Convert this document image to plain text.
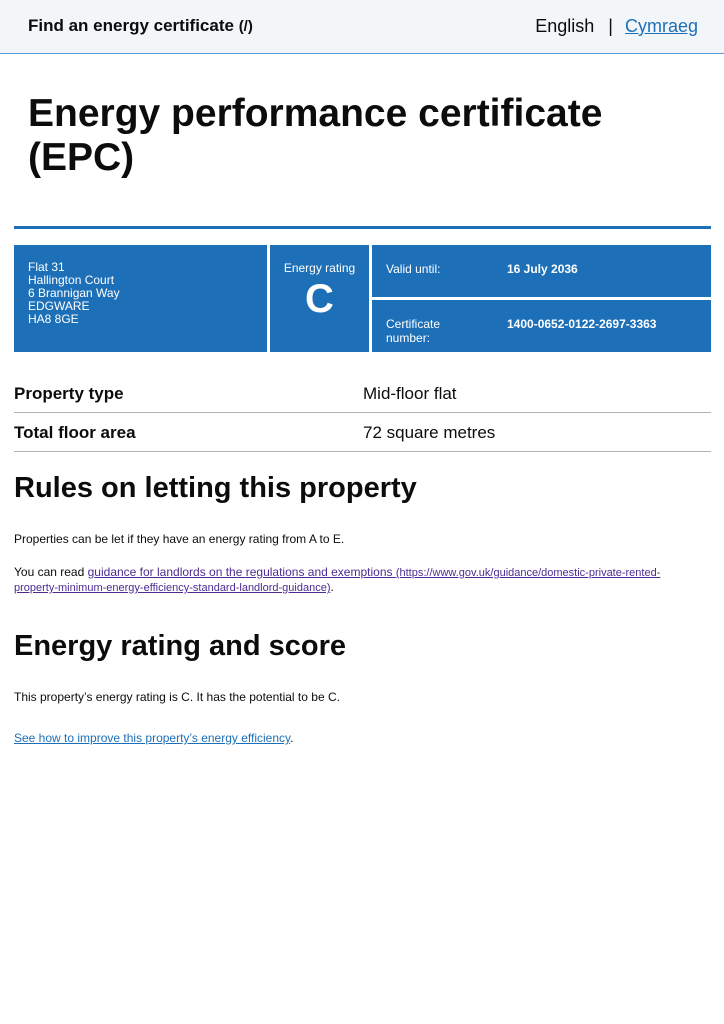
Find an energy certificate (/)	English | Cymraeg
Energy performance certificate (EPC)
Flat 31
Hallington Court
6 Brannigan Way
EDGWARE
HA8 8GE
Energy rating
C
Valid until:	16 July 2036
Certificate number:
1400-0652-0122-2697-3363
Property type	Mid-floor flat
Total floor area	72 square metres
Rules on letting this property

Properties can be let if they have an energy rating from A to E.

You can read guidance for landlords on the regulations and exemptions (https://www.gov.uk/guidance/domestic-private-rented-property-minimum-energy-efficiency-standard-landlord-guidance).

Energy rating and score

This property’s energy rating is C. It has the potential to be C.

See how to improve this property’s energy efficiency.
